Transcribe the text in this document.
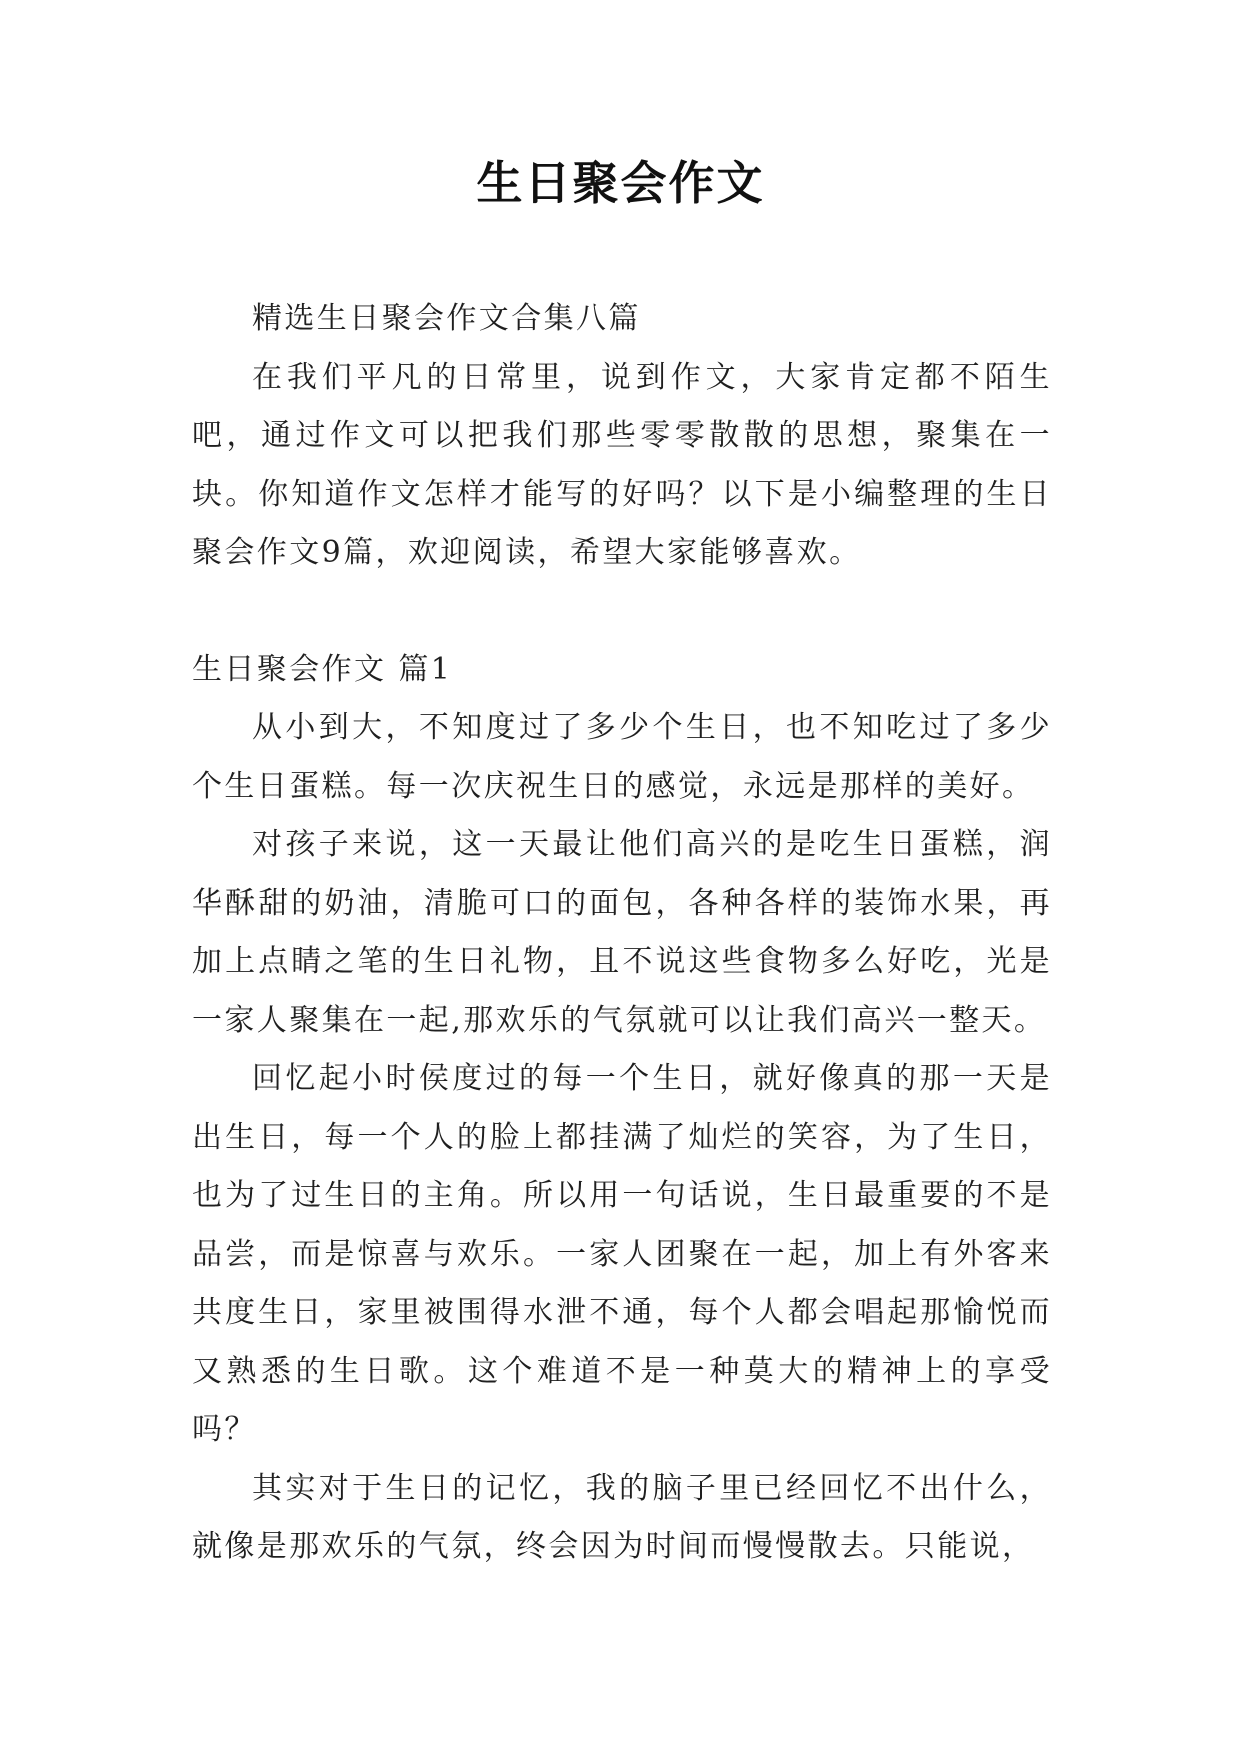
生日聚会作文

精选生日聚会作文合集八篇

在我们平凡的日常里，说到作文，大家肯定都不陌生吧，通过作文可以把我们那些零零散散的思想，聚集在一块。你知道作文怎样才能写的好吗？以下是小编整理的生日聚会作文9篇，欢迎阅读，希望大家能够喜欢。

生日聚会作文 篇1

从小到大，不知度过了多少个生日，也不知吃过了多少个生日蛋糕。每一次庆祝生日的感觉，永远是那样的美好。

对孩子来说，这一天最让他们高兴的是吃生日蛋糕，润华酥甜的奶油，清脆可口的面包，各种各样的装饰水果，再加上点睛之笔的生日礼物，且不说这些食物多么好吃，光是一家人聚集在一起,那欢乐的气氛就可以让我们高兴一整天。

回忆起小时侯度过的每一个生日，就好像真的那一天是出生日，每一个人的脸上都挂满了灿烂的笑容，为了生日，也为了过生日的主角。所以用一句话说，生日最重要的不是品尝，而是惊喜与欢乐。一家人团聚在一起，加上有外客来共度生日，家里被围得水泄不通，每个人都会唱起那愉悦而又熟悉的生日歌。这个难道不是一种莫大的精神上的享受吗？

其实对于生日的记忆，我的脑子里已经回忆不出什么，就像是那欢乐的气氛，终会因为时间而慢慢散去。只能说，
